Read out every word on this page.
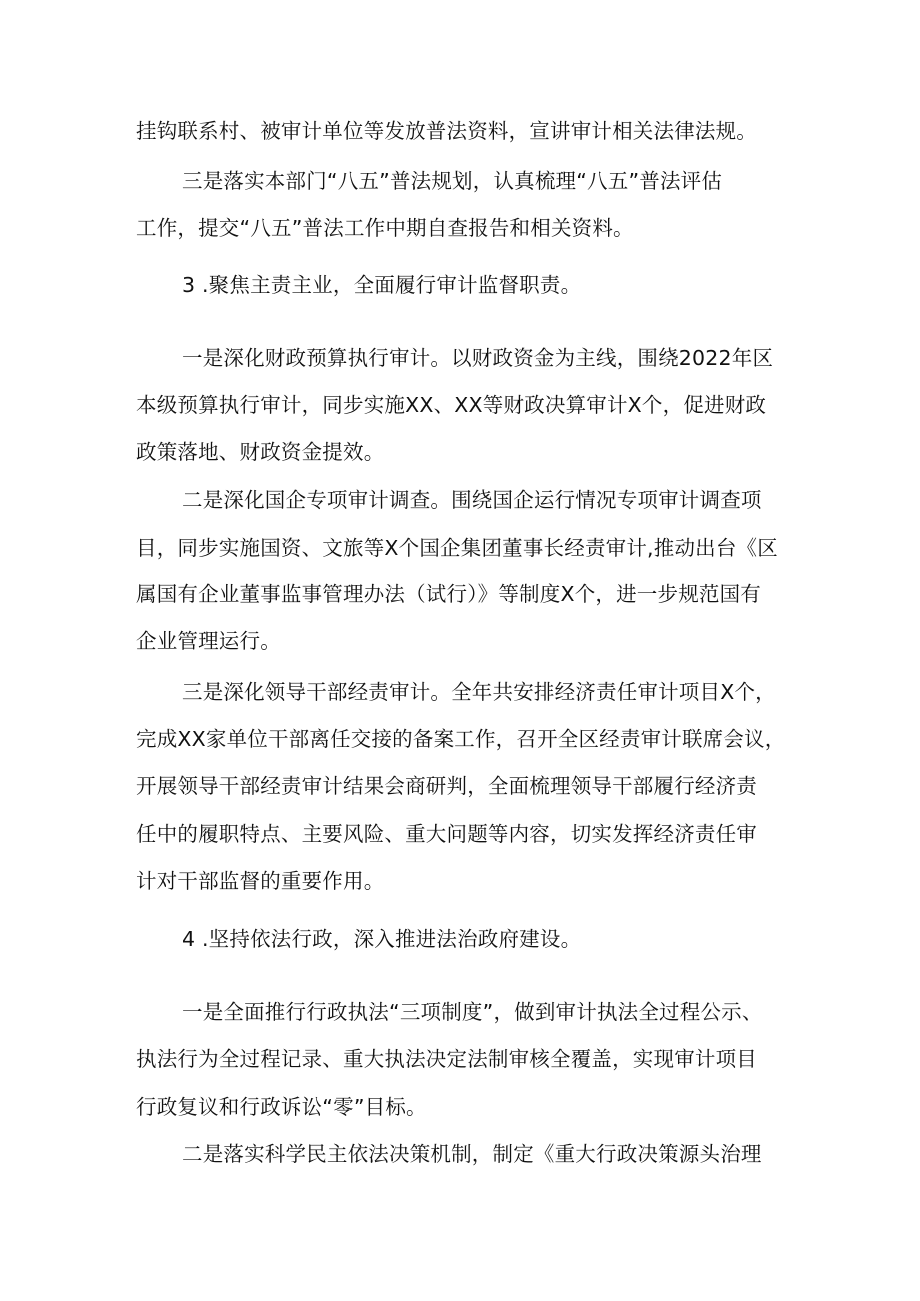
挂钩联系村、被审计单位等发放普法资料，宣讲审计相关法律法规。
三是落实本部门“八五”普法规划，认真梳理“八五”普法评估
工作，提交“八五”普法工作中期自查报告和相关资料。
3 .聚焦主责主业，全面履行审计监督职责。
一是深化财政预算执行审计。以财政资金为主线，围绕2022年区
本级预算执行审计，同步实施XX、XX等财政决算审计X个，促进财政
政策落地、财政资金提效。
二是深化国企专项审计调查。围绕国企运行情况专项审计调查项
目，同步实施国资、文旅等X个国企集团董事长经责审计,推动出台《区
属国有企业董事监事管理办法（试行）》等制度X个，进一步规范国有
企业管理运行。
三是深化领导干部经责审计。全年共安排经济责任审计项目X个，
完成XX家单位干部离任交接的备案工作，召开全区经责审计联席会议，
开展领导干部经责审计结果会商研判，全面梳理领导干部履行经济责
任中的履职特点、主要风险、重大问题等内容，切实发挥经济责任审
计对干部监督的重要作用。
4 .坚持依法行政，深入推进法治政府建设。
一是全面推行行政执法“三项制度”，做到审计执法全过程公示、
执法行为全过程记录、重大执法决定法制审核全覆盖，实现审计项目
行政复议和行政诉讼“零”目标。
二是落实科学民主依法决策机制，制定《重大行政决策源头治理
